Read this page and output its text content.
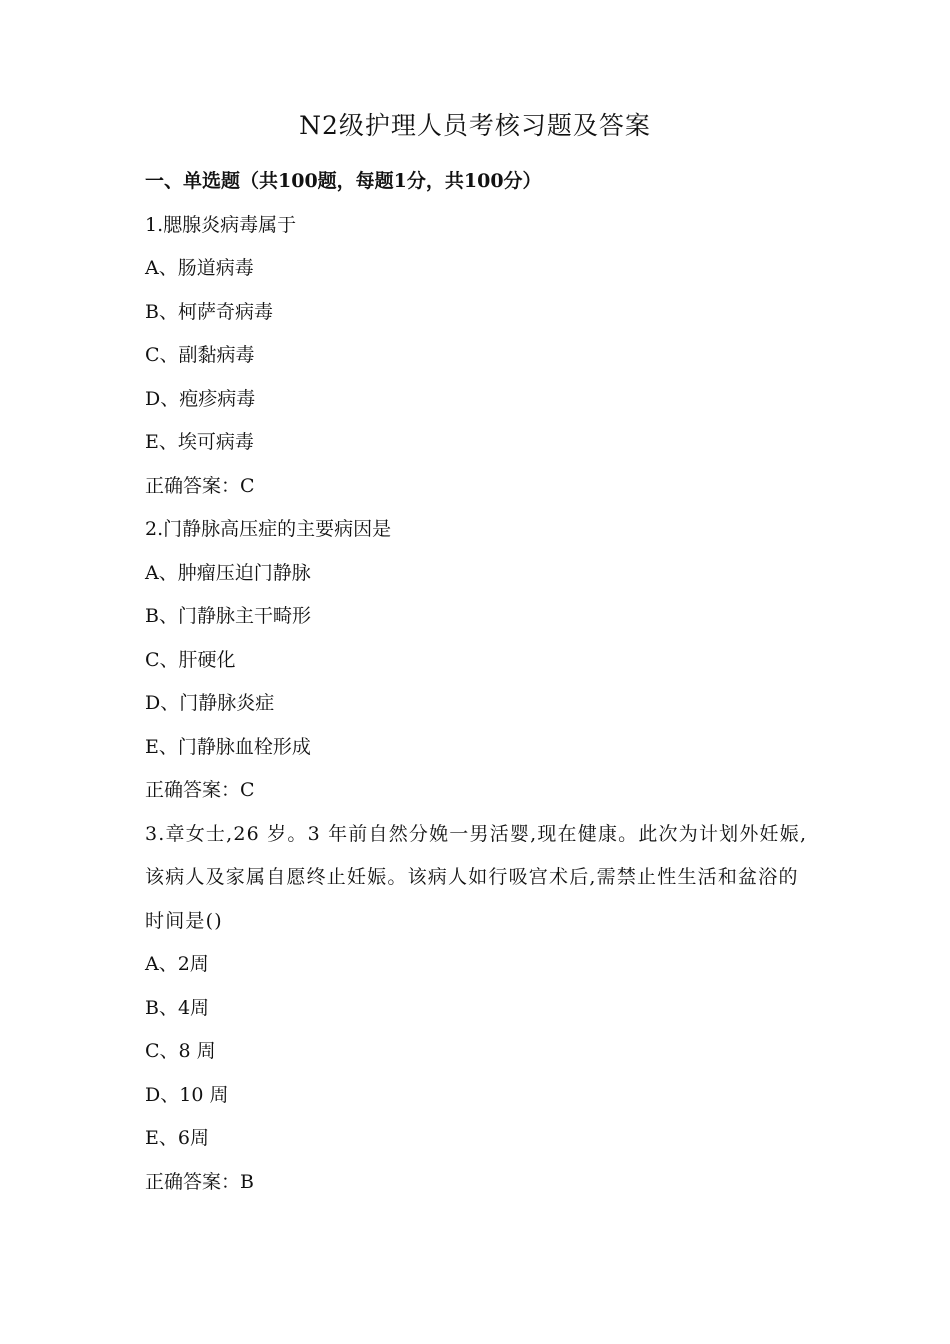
N2级护理人员考核习题及答案
一、单选题（共100题，每题1分，共100分）
1.腮腺炎病毒属于
A、肠道病毒
B、柯萨奇病毒
C、副黏病毒
D、疱疹病毒
E、埃可病毒
正确答案：C
2.门静脉高压症的主要病因是
A、肿瘤压迫门静脉
B、门静脉主干畸形
C、肝硬化
D、门静脉炎症
E、门静脉血栓形成
正确答案：C
3.章女士,26 岁。3 年前自然分娩一男活婴,现在健康。此次为计划外妊娠,该病人及家属自愿终止妊娠。该病人如行吸宫术后,需禁止性生活和盆浴的时间是()
A、2周
B、4周
C、8 周
D、10 周
E、6周
正确答案：B
